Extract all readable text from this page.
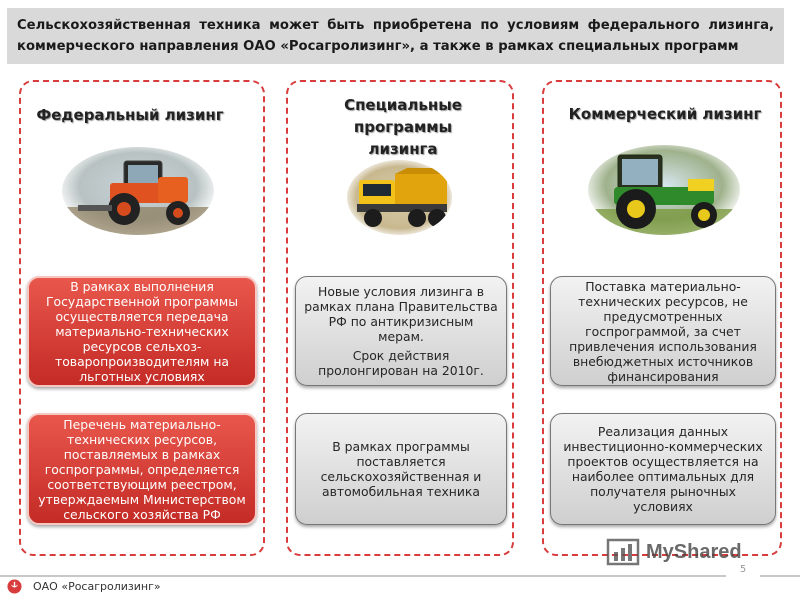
Сельскохозяйственная техника может быть приобретена по условиям федерального лизинга, коммерческого направления ОАО «Росагролизинг», а также в рамках специальных программ
Федеральный лизинг

В рамках выполнения Государственной программы осуществляется передача материально-технических ресурсов сельхоз-товаропроизводителям на льготных условиях

Перечень материально-технических ресурсов, поставляемых в рамках госпрограммы, определяется соответствующим реестром, утверждаемым Министерством сельского хозяйства РФ

Специальные программы лизинга

Новые условия лизинга в рамках плана Правительства РФ по антикризисным мерам.

Срок действия пролонгирован на 2010г.

В рамках программы поставляется сельскохозяйственная и автомобильная техника

Коммерческий лизинг

Поставка материально-технических ресурсов, не предусмотренных госпрограммой, за счет привлечения использования внебюджетных источников финансирования

Реализация данных инвестиционно-коммерческих проектов осуществляется на наиболее оптимальных для получателя рыночных условиях

MyShared
5
ОАО «Росагролизинг»
